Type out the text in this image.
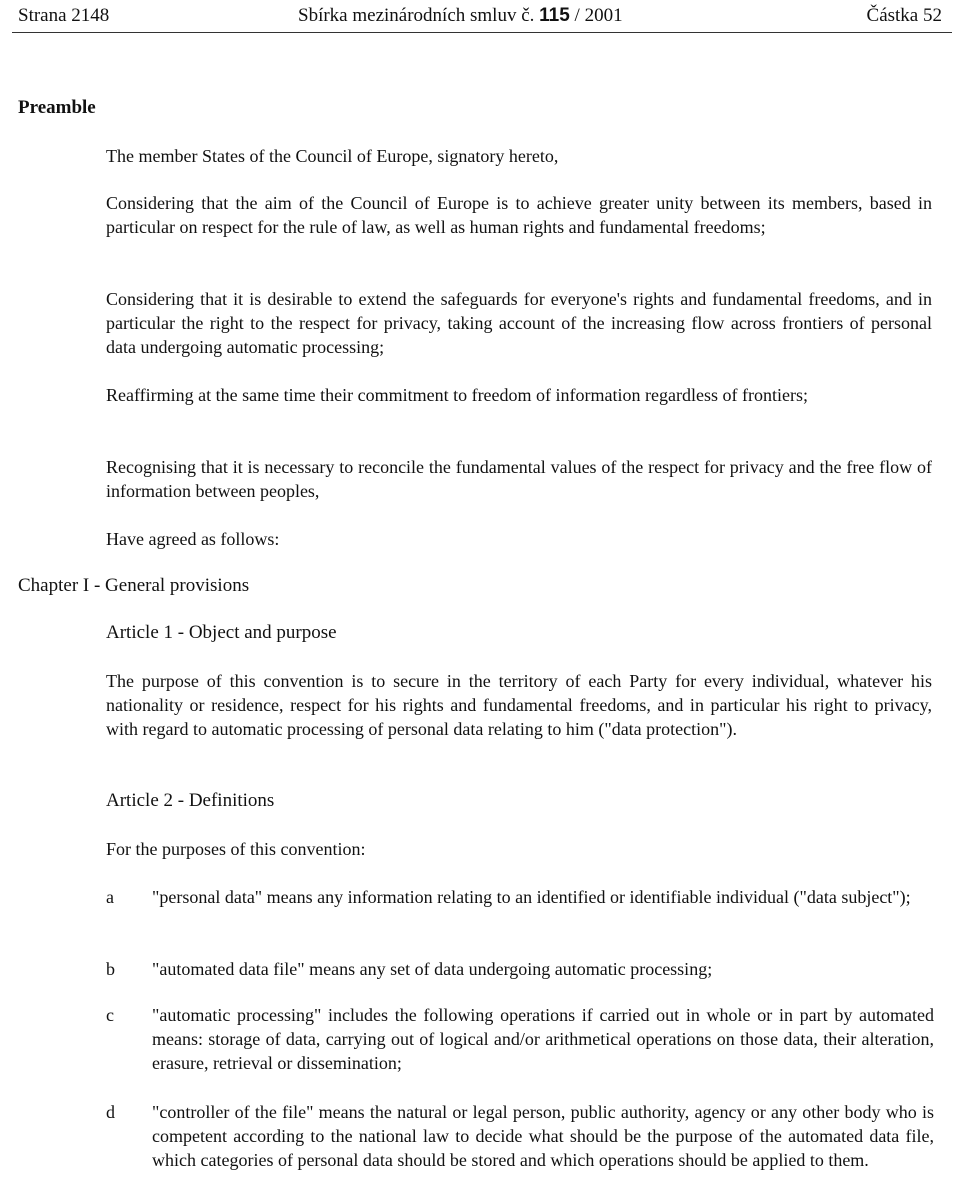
Strana 2148	Sbírka mezinárodních smluv č. 115 / 2001	Částka 52
Preamble
The member States of the Council of Europe, signatory hereto,
Considering that the aim of the Council of Europe is to achieve greater unity between its members, based in particular on respect for the rule of law, as well as human rights and fundamental freedoms;
Considering that it is desirable to extend the safeguards for everyone's rights and fundamental freedoms, and in particular the right to the respect for privacy, taking account of the increasing flow across frontiers of personal data undergoing automatic processing;
Reaffirming at the same time their commitment to freedom of information regardless of frontiers;
Recognising that it is necessary to reconcile the fundamental values of the respect for privacy and the free flow of information between peoples,
Have agreed as follows:
Chapter I - General provisions
Article 1 - Object and purpose
The purpose of this convention is to secure in the territory of each Party for every individual, whatever his nationality or residence, respect for his rights and fundamental freedoms, and in particular his right to privacy, with regard to automatic processing of personal data relating to him ("data protection").
Article 2 - Definitions
For the purposes of this convention:
a "personal data" means any information relating to an identified or identifiable individual ("data subject");
b "automated data file" means any set of data undergoing automatic processing;
c "automatic processing" includes the following operations if carried out in whole or in part by automated means: storage of data, carrying out of logical and/or arithmetical operations on those data, their alteration, erasure, retrieval or dissemination;
d "controller of the file" means the natural or legal person, public authority, agency or any other body who is competent according to the national law to decide what should be the purpose of the automated data file, which categories of personal data should be stored and which operations should be applied to them.
